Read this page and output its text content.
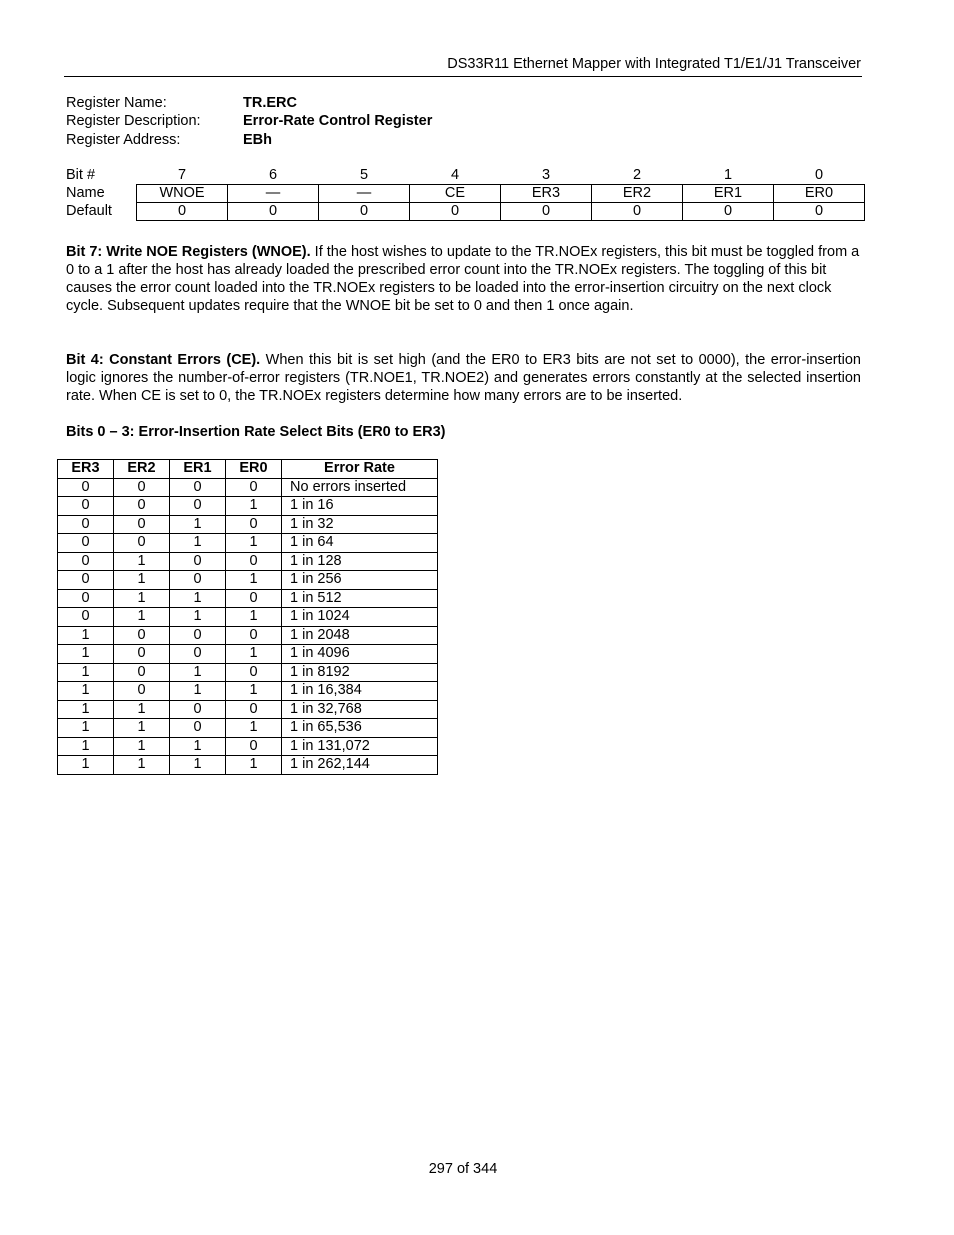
DS33R11 Ethernet Mapper with Integrated T1/E1/J1 Transceiver
Register Name:	TR.ERC
Register Description:	Error-Rate Control Register
Register Address:	EBh
Bit #	7	6	5	4	3	2	1	0
Name	WNOE	—	—	CE	ER3	ER2	ER1	ER0
Default	0	0	0	0	0	0	0	0

Bit 7: Write NOE Registers (WNOE). If the host wishes to update to the TR.NOEx registers, this bit must be toggled from a 0 to a 1 after the host has already loaded the prescribed error count into the TR.NOEx registers. The toggling of this bit causes the error count loaded into the TR.NOEx registers to be loaded into the error-insertion circuitry on the next clock cycle. Subsequent updates require that the WNOE bit be set to 0 and then 1 once again.

Bit 4: Constant Errors (CE). When this bit is set high (and the ER0 to ER3 bits are not set to 0000), the error-insertion logic ignores the number-of-error registers (TR.NOE1, TR.NOE2) and generates errors constantly at the selected insertion rate. When CE is set to 0, the TR.NOEx registers determine how many errors are to be inserted.

Bits 0 – 3: Error-Insertion Rate Select Bits (ER0 to ER3)

ER3	ER2	ER1	ER0	Error Rate
0	0	0	0	No errors inserted
0	0	0	1	1 in 16
0	0	1	0	1 in 32
0	0	1	1	1 in 64
0	1	0	0	1 in 128
0	1	0	1	1 in 256
0	1	1	0	1 in 512
0	1	1	1	1 in 1024
1	0	0	0	1 in 2048
1	0	0	1	1 in 4096
1	0	1	0	1 in 8192
1	0	1	1	1 in 16,384
1	1	0	0	1 in 32,768
1	1	0	1	1 in 65,536
1	1	1	0	1 in 131,072
1	1	1	1	1 in 262,144
297 of 344
